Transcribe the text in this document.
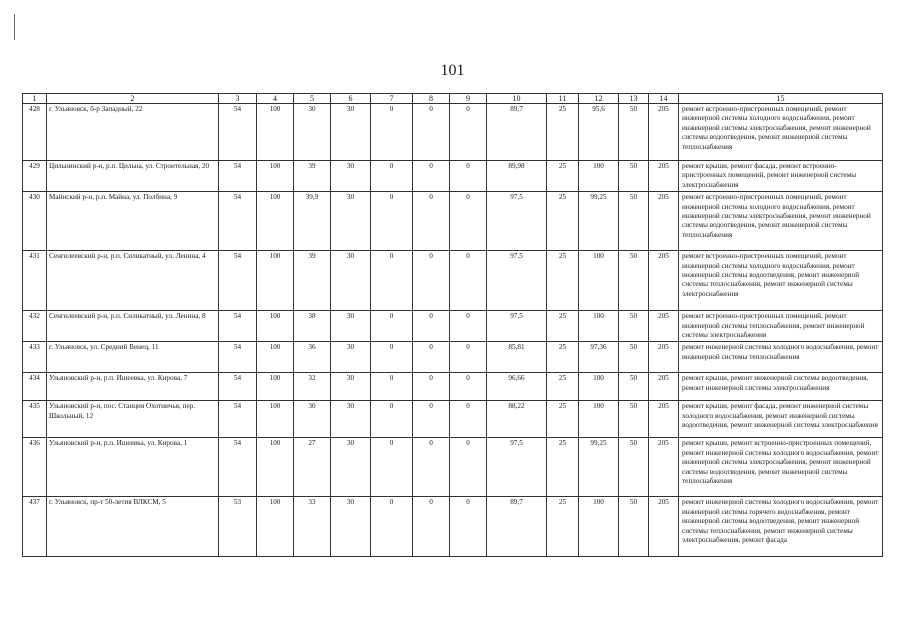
101
1	2	3	4	5	6	7	8	9	10	11	12	13	14	15
428	г. Ульяновск, б-р Западный, 22	54	100	30	30	0	0	0	89,7	25	95,6	50	205	ремонт встроенно-пристроенных помещений, ремонт инженерной системы холодного водоснабжения, ремонт инженерной системы электроснабжения, ремонт инженерной системы водоотведения, ремонт инженерной системы теплоснабжения
429	Цильнинский р-н, р.п. Цильна, ул. Строительная, 20	54	100	39	30	0	0	0	89,98	25	100	50	205	ремонт крыши, ремонт фасада, ремонт встроенно-пристроенных помещений, ремонт инженерной системы электроснабжения
430	Майнский р-н, р.п. Майна, ул. Полбина, 9	54	100	39,9	30	0	0	0	97,5	25	99,25	50	205	ремонт встроенно-пристроенных помещений, ремонт инженерной системы холодного водоснабжения, ремонт инженерной системы электроснабжения, ремонт инженерной системы водоотведения, ремонт инженерной системы теплоснабжения
431	Сенгилеевский р-н, р.п. Силикатный, ул. Ленина, 4	54	100	39	30	0	0	0	97,5	25	100	50	205	ремонт встроенно-пристроенных помещений, ремонт инженерной системы холодного водоснабжения, ремонт инженерной системы водоотведения, ремонт инженерной системы теплоснабжения, ремонт инженерной системы электроснабжения
432	Сенгилеевский р-н, р.п. Силикатный, ул. Ленина, 8	54	100	38	30	0	0	0	97,5	25	100	50	205	ремонт встроенно-пристроенных помещений, ремонт инженерной системы теплоснабжения, ремонт инженерной системы электроснабжения
433	г. Ульяновск, ул. Средний Венец, 11	54	100	36	30	0	0	0	85,81	25	97,36	50	205	ремонт инженерной системы холодного водоснабжения, ремонт инженерной системы теплоснабжения
434	Ульяновский р-н, р.п. Ишеевка, ул. Кирова, 7	54	100	32	30	0	0	0	96,66	25	100	50	205	ремонт крыши, ремонт инженерной системы водоотведения, ремонт инженерной системы электроснабжения
435	Ульяновский р-н, пос. Станция Охотничья, пер. Школьный, 12	54	100	30	30	0	0	0	88,22	25	100	50	205	ремонт крыши, ремонт фасада, ремонт инженерной системы холодного водоснабжения, ремонт инженерной системы водоотведения, ремонт инженерной системы электроснабжения
436	Ульяновский р-н, р.п. Ишеевка, ул. Кирова, 1	54	100	27	30	0	0	0	97,5	25	99,25	50	205	ремонт крыши, ремонт встроенно-пристроенных помещений, ремонт инженерной системы холодного водоснабжения, ремонт инженерной системы электроснабжения, ремонт инженерной системы водоотведения, ремонт инженерной системы теплоснабжения
437	г. Ульяновск, пр-т 50-летия ВЛКСМ, 5	53	100	33	30	0	0	0	89,7	25	100	50	205	ремонт инженерной системы холодного водоснабжения, ремонт инженерной системы горячего водоснабжения, ремонт инженерной системы водоотведения, ремонт инженерной системы теплоснабжения, ремонт инженерной системы электроснабжения, ремонт фасада
